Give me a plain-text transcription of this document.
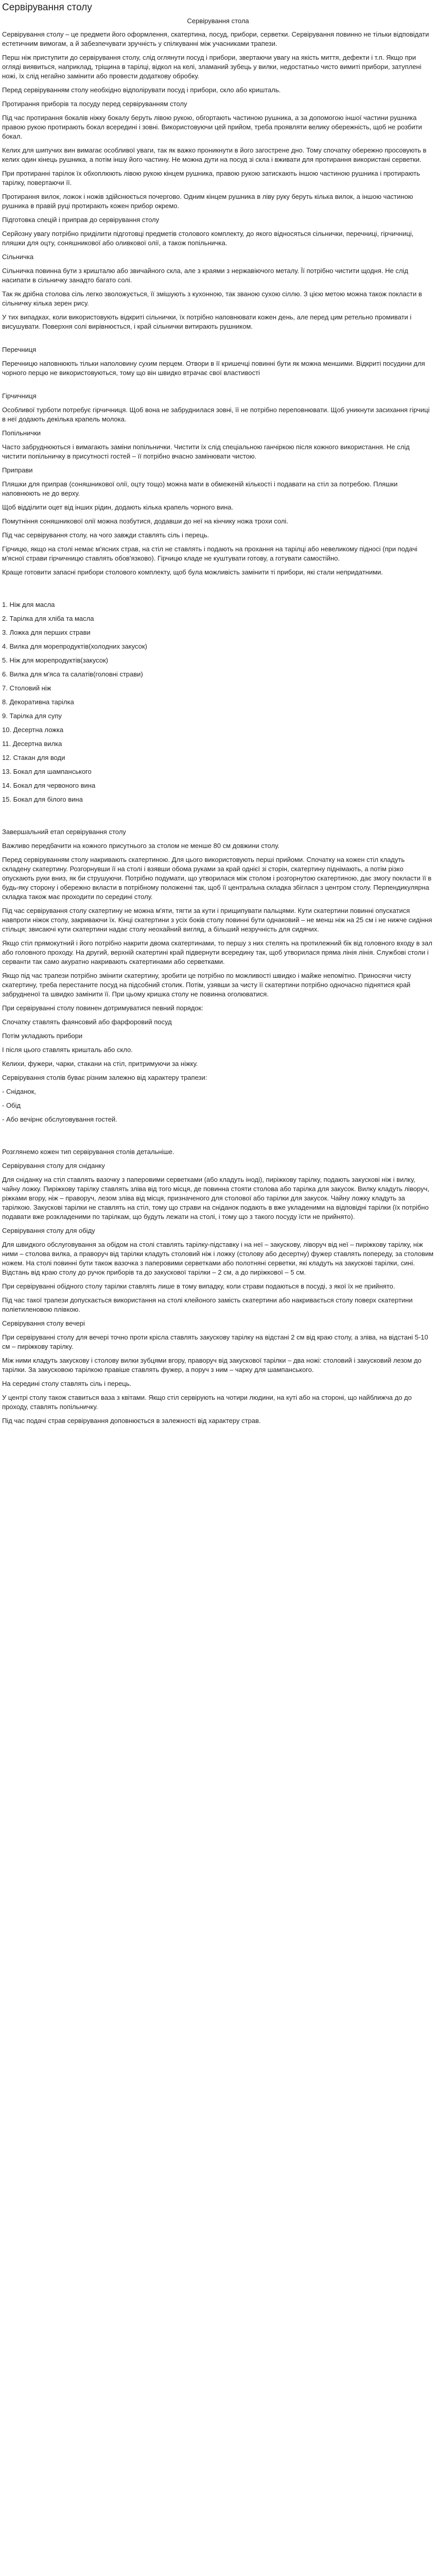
Сервірування столу
Сервірування стола

Сервірування столу – це предмети його оформлення, скатертина, посуд, прибори, серветки. Сервірування повинно не тільки відповідати естетичним вимогам, а й забезпечувати зручність у спілкуванні між учасниками трапези.

Перш ніж приступити до сервірування столу, слід оглянути посуд і прибори, звертаючи увагу на якість миття, дефекти і т.п. Якщо при огляді виявиться, наприклад, тріщина в тарілці, відкол на келі, зламаний зубець у вилки, недостатньо чисто вимиті прибори, затуплені ножі, їх слід негайно замінити або провести додаткову обробку.

Перед сервіруванням столу необхідно відполірувати посуд і прибори, скло або кришталь.

Протирання приборів та посуду перед сервіруванням столу

Під час протирання бокалів ніжку бокалу беруть лівою рукою, обгортають частиною рушника, а за допомогою іншої частини рушника правою рукою протирають бокал всередині і зовні. Використовуючи цей прийом, треба проявляти велику обережність, щоб не розбити бокал.

Келих для шипучих вин вимагає особливої уваги, так як важко проникнути в його загострене дно. Тому спочатку обережно просовують в келих один кінець рушника, а потім іншу його частину. Не можна дути на посуд зі скла і вживати для протирання використані серветки.

При протиранні тарілок їх обхоплюють лівою рукою кінцем рушника, правою рукою затискають іншою частиною рушника і протирають тарілку, повертаючи її.

Протирання вилок, ложок і ножів здійснюється почергово. Одним кінцем рушника в ліву руку беруть кілька вилок, а іншою частиною рушника в правій руці протирають кожен прибор окремо.

Підготовка спецій і приправ до сервірування столу

Серйозну увагу потрібно приділити підготовці предметів столового комплекту, до якого відносяться сільнички, перечниці, гірчичниці, пляшки для оцту, соняшникової або оливкової олії, а також попільничка.

Сільничка

Сільничка повинна бути з кришталю або звичайного скла, але з краями з нержавіючого металу. Її потрібно чистити щодня. Не слід насипати в сільничку занадто багато солі.

Так як дрібна столова сіль легко зволожується, її змішують з кухонною, так званою сухою сіллю. З цією метою можна також покласти в сільничку кілька зерен рису.

У тих випадках, коли використовують відкриті сільнички, їх потрібно наповнювати кожен день, але перед цим ретельно промивати і висушувати. Поверхня солі вирівнюється, і край сільнички витирають рушником.

Перечниця

Перечницю наповнюють тільки наполовину сухим перцем. Отвори в її кришечці повинні бути як можна меншими. Відкриті посудини для чорного перцю не використовуються, тому що він швидко втрачає свої властивості

Гірчичниця

Особливої турботи потребує гірчичниця. Щоб вона не забруднилася зовні, її не потрібно переповнювати. Щоб уникнути засихання гірчиці в неї додають декілька крапель молока.

Попільнички

Часто забруднюються і вимагають заміни попільнички. Чистити їх слід спеціальною ганчіркою після кожного використання. Не слід чистити попільничку в присутності гостей – її потрібно вчасно замінювати чистою.

Приправи

Пляшки для приправ (соняшникової олії, оцту тощо) можна мати в обмеженій кількості і подавати на стіл за потребою. Пляшки наповнюють не до верху.

Щоб відділити оцет від інших рідин, додають кілька крапель чорного вина.

Помутніння соняшникової олії можна позбутися, додавши до неї на кінчику ножа трохи солі.

Під час сервірування столу, на чого завжди ставлять сіль і перець.

Гірчицю, якщо на столі немає м'ясних страв, на стіл не ставлять і подають на прохання на тарілці або невеликому підносі (при подачі м'ясної страви гірчичницю ставлять обов'язково). Гірчицю кладе не куштувати готову, а готувати самостійно.

Краще готовити запасні прибори столового комплекту, щоб була можливість замінити ті прибори, які стали непридатними.

1. Ніж для масла

2. Тарілка для хліба та масла

3. Ложка для перших страви

4. Вилка для морепродуктів(холодних закусок)

5. Ніж для морепродуктів(закусок)

6. Вилка для м'яса та салатів(головні страви)

7. Столовий ніж

8. Декоративна тарілка

9. Тарілка для супу

10. Десертна ложка

11. Десертна вилка

12. Стакан для води

13. Бокал для шампанського

14. Бокал для червоного вина

15. Бокал для білого вина

Завершальний етап сервірування столу

Важливо передбачити на кожного присутнього за столом не менше 80 см довжини столу.

Перед сервіруванням столу накривають скатертиною. Для цього використовують перші прийоми. Спочатку на кожен стіл кладуть складену скатертину. Розгорнувши її на столі і взявши обома руками за край однієї зі сторін, скатертину піднімають, а потім різко опускають руки вниз, як би струшуючи. Потрібно подумати, що утворилася між столом і розгорнутою скатертиною, дає змогу покласти її в будь-яку сторону і обережно вкласти в потрібному положенні так, щоб її центральна складка збіглася з центром столу. Перпендикулярна складка також має проходити по середині столу.

Під час сервірування столу скатертину не можна м'яти, тягти за кути і прищипувати пальцями. Кути скатертини повинні опускатися навпроти ніжок столу, закриваючи їх. Кінці скатертини з усіх боків столу повинні бути однаковий – не менш ніж на 25 см і не нижче сидіння стільця; звисаючі кути скатертини надає столу неохайний вигляд, а більший незручність для сидячих.

Якщо стіл прямокутний і його потрібно накрити двома скатертинами, то першу з них стелять на протилежний бік від головного входу в зал або головного проходу. На другий, верхній скатертині край підвернути всередину так, щоб утворилася пряма лінія лінія. Службові столи і серванти так само акуратно накривають скатертинами або серветками.

Якщо під час трапези потрібно змінити скатертину, зробити це потрібно по можливості швидко і майже непомітно. Приносячи чисту скатертину, треба перестаните посуд на підсобний столик. Потім, узявши за чисту її скатертини потрібно одночасно піднятися край забрудненої та швидко замінити її. При цьому кришка столу не повинна оголюватися.

При сервіруванні столу повинен дотримуватися певний порядок:

Спочатку ставлять фаянсовий або фарфоровий посуд

Потім укладають прибори

І після цього ставлять кришталь або скло.

Келихи, фужери, чарки, стакани на стіл, притримуючи за ніжку.

Сервірування столів буває різним залежно від характеру трапези:

- Сніданок,

- Обід

- Або вечірнє обслуговування гостей.

Розглянемо кожен тип сервірування столів детальніше.

Сервірування столу для сніданку

Для сніданку на стіл ставлять вазочку з паперовими серветками (або кладуть іноді), пиріжкову тарілку, подають закускові ніж і вилку, чайну ложку. Пиріжкову тарілку ставлять зліва від того місця, де повинна стояти столова або тарілка для закусок. Вилку кладуть ліворуч, ріжками вгору, ніж – праворуч, лезом зліва від місця, призначеного для столової або тарілки для закусок. Чайну ложку кладуть за тарілкою. Закускові тарілки не ставлять на стіл, тому що страви на сніданок подають в вже укладеними на відповідні тарілки (їх потрібно подавати вже розкладеними по тарілкам, що будуть лежати на столі, і тому що з такого посуду їсти не прийнято).

Сервірування столу для обіду

Для швидкого обслуговування за обідом на столі ставлять тарілку-підставку і на неї – закускову, ліворуч від неї – пиріжкову тарілку, ніж ними – столова вилка, а праворуч від тарілки кладуть столовий ніж і ложку (столову або десертну) фужер ставлять попереду, за столовим ножем. На столі повинні бути також вазочка з паперовими серветками або полотняні серветки, які кладуть на закускові тарілки, сині. Відстань від краю столу до ручок приборів та до закускової тарілки – 2 см, а до пиріжкової – 5 см.

При сервіруванні обідного столу тарілки ставлять лише в тому випадку, коли страви подаються в посуді, з якої їх не прийнято.

Під час такої трапези допускається використання на столі клейоного замість скатертини або накривається столу поверх скатертини поліетиленовою плівкою.

Сервірування столу вечері

При сервіруванні столу для вечері точно проти крісла ставлять закускову тарілку на відстані 2 см від краю столу, а зліва, на відстані 5-10 см – пиріжкову тарілку.

Між ними кладуть закускову і столову вилки зубцями вгору, праворуч від закускової тарілки – два ножі: столовий і закусковий лезом до тарілки. За закусковою тарілкою правіше ставлять фужер, а поруч з ним – чарку для шампанського.

На середині столу ставлять сіль і перець.

У центрі столу також ставиться ваза з квітами. Якщо стіл сервірують на чотири людини, на куті або на стороні, що найближча до до проходу, ставлять попільничку.

Під час подачі страв сервірування доповнюється в залежності від характеру страв.
